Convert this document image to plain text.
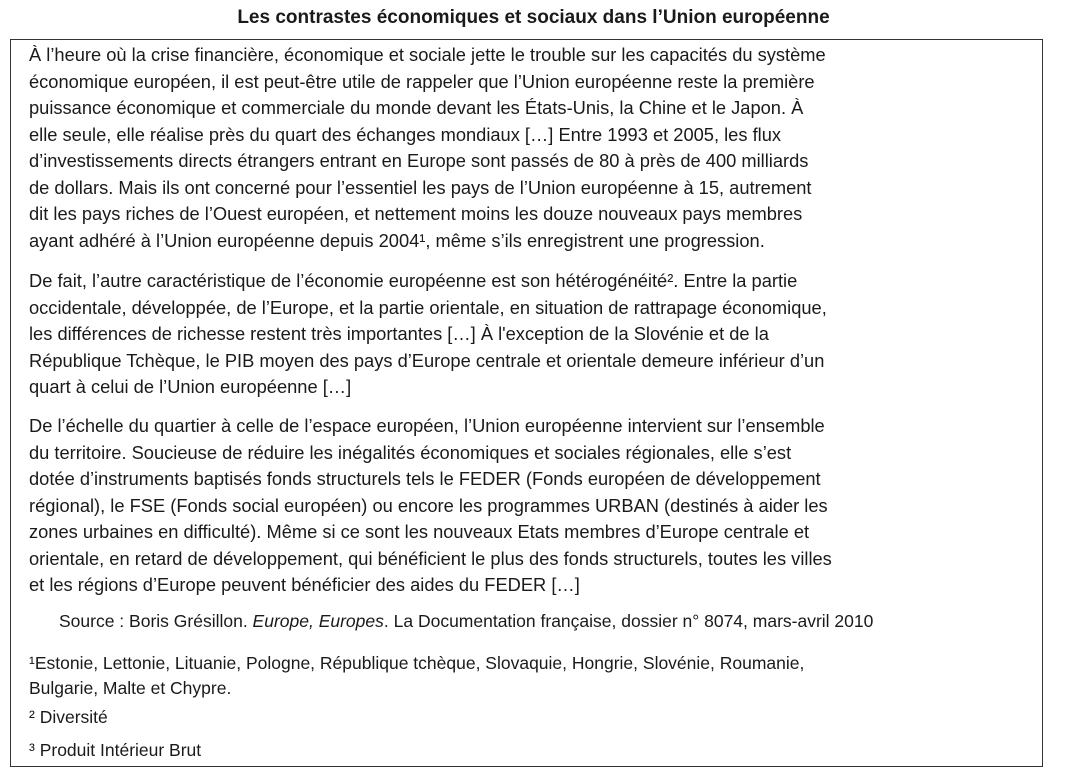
Les contrastes économiques et sociaux dans l’Union européenne

À l’heure où la crise financière, économique et sociale jette le trouble sur les capacités du système
économique européen, il est peut-être utile de rappeler que l’Union européenne reste la première
puissance économique et commerciale du monde devant les États-Unis, la Chine et le Japon. À
elle seule, elle réalise près du quart des échanges mondiaux […] Entre 1993 et 2005, les flux
d’investissements directs étrangers entrant en Europe sont passés de 80 à près de 400 milliards
de dollars. Mais ils ont concerné pour l’essentiel les pays de l’Union européenne à 15, autrement
dit les pays riches de l’Ouest européen, et nettement moins les douze nouveaux pays membres
ayant adhéré à l’Union européenne depuis 2004¹, même s’ils enregistrent une progression.

De fait, l’autre caractéristique de l’économie européenne est son hétérogénéité². Entre la partie
occidentale, développée, de l’Europe, et la partie orientale, en situation de rattrapage économique,
les différences de richesse restent très importantes […] À l'exception de la Slovénie et de la
République Tchèque, le PIB moyen des pays d’Europe centrale et orientale demeure inférieur d’un
quart à celui de l’Union européenne […]

De l’échelle du quartier à celle de l’espace européen, l’Union européenne intervient sur l’ensemble
du territoire. Soucieuse de réduire les inégalités économiques et sociales régionales, elle s’est
dotée d’instruments baptisés fonds structurels tels le FEDER (Fonds européen de développement
régional), le FSE (Fonds social européen) ou encore les programmes URBAN (destinés à aider les
zones urbaines en difficulté). Même si ce sont les nouveaux Etats membres d’Europe centrale et
orientale, en retard de développement, qui bénéficient le plus des fonds structurels, toutes les villes
et les régions d’Europe peuvent bénéficier des aides du FEDER […]

Source : Boris Grésillon. Europe, Europes. La Documentation française, dossier n° 8074, mars-avril 2010

¹Estonie, Lettonie, Lituanie, Pologne, République tchèque, Slovaquie, Hongrie, Slovénie, Roumanie,
Bulgarie, Malte et Chypre.

² Diversité

³ Produit Intérieur Brut
